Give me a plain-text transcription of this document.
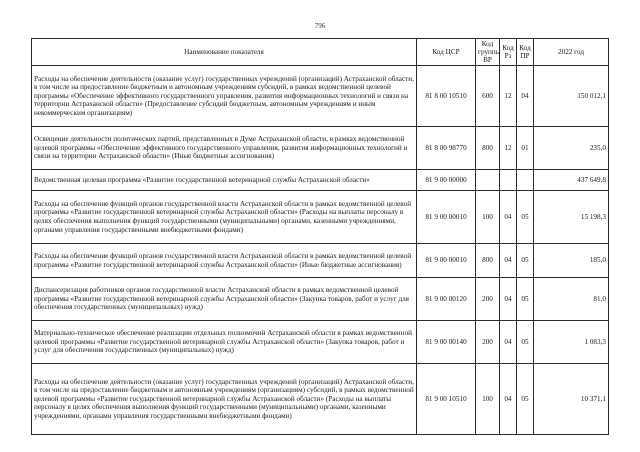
796
Наименование показателя	Код ЦСР	Код группы ВР	Код Рз	Код ПР	2022 год
Расходы на обеспечение деятельности (оказание услуг) государственных учреждений (организаций) Астраханской области, в том числе на предоставление бюджетным и автономным учреждениям субсидий, в рамках ведомственной целевой программы «Обеспечение эффективного государственного управления, развития информационных технологий и связи на территории Астраханской области» (Предоставление субсидий бюджетным, автономным учреждениям и иным некоммерческим организациям)	81 8 00 10510	600	12	04	150 012,1
Освещение деятельности политических партий, представленных в Думе Астраханской области, в рамках ведомственной целевой программы «Обеспечение эффективного государственного управления, развития информационных технологий и связи на территории Астраханской области» (Иные бюджетные ассигнования)	81 8 00 98770	800	12	01	235,0
Ведомственная целевая программа «Развитие государственной ветеринарной службы Астраханской области»	81 9 00 00000				437 649,8
Расходы на обеспечение функций органов государственной власти Астраханской области в рамках ведомственной целевой программы «Развитие государственной ветеринарной службы Астраханской области» (Расходы на выплаты персоналу в целях обеспечения выполнения функций государственными (муниципальными) органами, казенными учреждениями, органами управления государственными внебюджетными фондами)	81 9 00 00010	100	04	05	15 198,3
Расходы на обеспечение функций органов государственной власти Астраханской области в рамках ведомственной целевой программы «Развитие государственной ветеринарной службы Астраханской области» (Иные бюджетные ассигнования)	81 9 00 00010	800	04	05	185,0
Диспансеризация работников органов государственной власти Астраханской области в рамках ведомственной целевой программы «Развитие государственной ветеринарной службы Астраханской области» (Закупка товаров, работ и услуг для обеспечения государственных (муниципальных) нужд)	81 9 00 00120	200	04	05	81,0
Материально-техническое обеспечение реализации отдельных полномочий Астраханской области в рамках ведомственной целевой программы «Развитие государственной ветеринарной службы Астраханской области» (Закупка товаров, работ и услуг для обеспечения государственных (муниципальных) нужд)	81 9 00 00140	200	04	05	1 083,3
Расходы на обеспечение деятельности (оказание услуг) государственных учреждений (организаций) Астраханской области, в том числе на предоставление бюджетным и автономным учреждениям (организациям) субсидий, в рамках ведомственной целевой программы «Развитие государственной ветеринарной службы Астраханской области» (Расходы на выплаты персоналу в целях обеспечения выполнения функций государственными (муниципальными) органами, казенными учреждениями, органами управления государственными внебюджетными фондами)	81 9 00 10510	100	04	05	10 371,1
